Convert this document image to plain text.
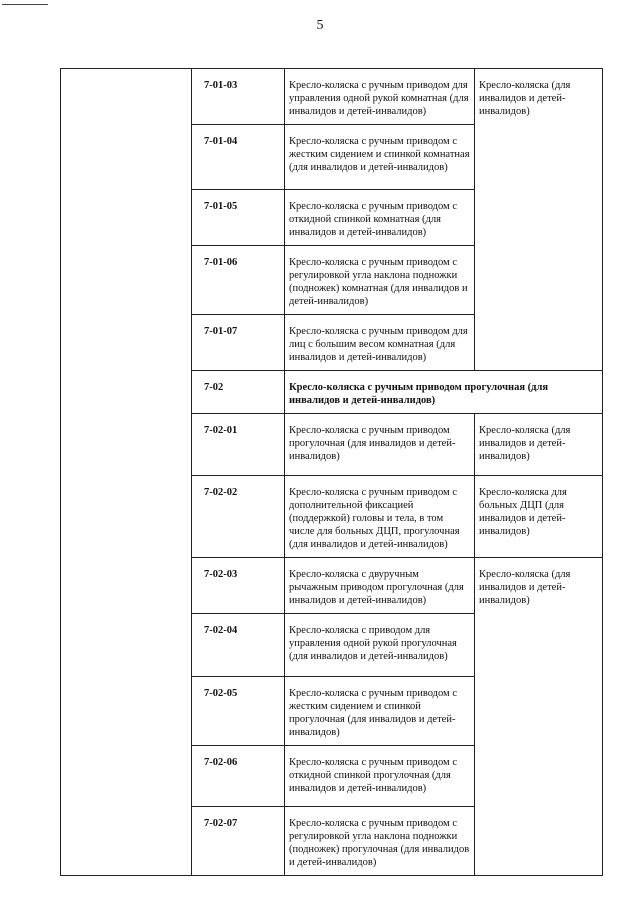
5
	7-01-03	Кресло-коляска с ручным приводом для управления одной рукой комнатная (для инвалидов и детей-инвалидов)	Кресло-коляска (для инвалидов и детей-инвалидов)
	7-01-04	Кресло-коляска с ручным приводом с жестким сидением и спинкой комнатная (для инвалидов и детей-инвалидов)	
	7-01-05	Кресло-коляска с ручным приводом с откидной спинкой комнатная (для инвалидов и детей-инвалидов)	
	7-01-06	Кресло-коляска с ручным приводом с регулировкой угла наклона подножки (подножек) комнатная (для инвалидов и детей-инвалидов)	
	7-01-07	Кресло-коляска с ручным приводом для лиц с большим весом комнатная (для инвалидов и детей-инвалидов)	
	7-02	Кресло-коляска с ручным приводом прогулочная (для инвалидов и детей-инвалидов)	
	7-02-01	Кресло-коляска с ручным приводом прогулочная (для инвалидов и детей-инвалидов)	Кресло-коляска (для инвалидов и детей-инвалидов)
	7-02-02	Кресло-коляска с ручным приводом с дополнительной фиксацией (поддержкой) головы и тела, в том числе для больных ДЦП, прогулочная (для инвалидов и детей-инвалидов)	Кресло-коляска для больных ДЦП (для инвалидов и детей-инвалидов)
	7-02-03	Кресло-коляска с двуручным рычажным приводом прогулочная (для инвалидов и детей-инвалидов)	Кресло-коляска (для инвалидов и детей-инвалидов)
	7-02-04	Кресло-коляска с приводом для управления одной рукой прогулочная (для инвалидов и детей-инвалидов)	
	7-02-05	Кресло-коляска с ручным приводом с жестким сидением и спинкой прогулочная (для инвалидов и детей-инвалидов)	
	7-02-06	Кресло-коляска с ручным приводом с откидной спинкой прогулочная (для инвалидов и детей-инвалидов)	
	7-02-07	Кресло-коляска с ручным приводом с регулировкой угла наклона подножки (подножек) прогулочная (для инвалидов и детей-инвалидов)	
